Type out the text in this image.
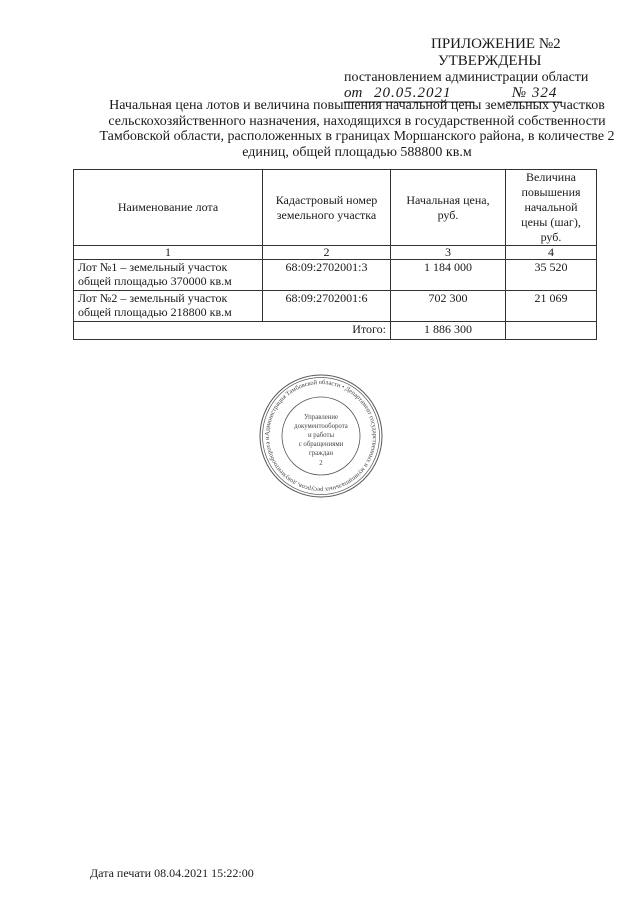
ПРИЛОЖЕНИЕ №2
УТВЕРЖДЕНЫ
постановлением администрации области
от 20.05.2021	№ 324
Начальная цена лотов и величина повышения начальной цены земельных участков сельскохозяйственного назначения, находящихся в государственной собственности Тамбовской области, расположенных в границах Моршанского района, в количестве 2 единиц, общей площадью 588800 кв.м
Наименование лота	Кадастровый номер земельного участка	Начальная цена, руб.	Величина повышения начальной цены (шаг), руб.
1	2	3	4
Лот №1 – земельный участок общей площадью 370000 кв.м	68:09:2702001:3	1 184 000	35 520
Лот №2 – земельный участок общей площадью 218800 кв.м	68:09:2702001:6	702 300	21 069
Итого:		1 886 300	
Администрация Тамбовской области • Департамент государственных и муниципальных ресурсов, документооборота и
Управление
документооборота
и работы
с обращениями
граждан
2
Дата печати 08.04.2021 15:22:00
